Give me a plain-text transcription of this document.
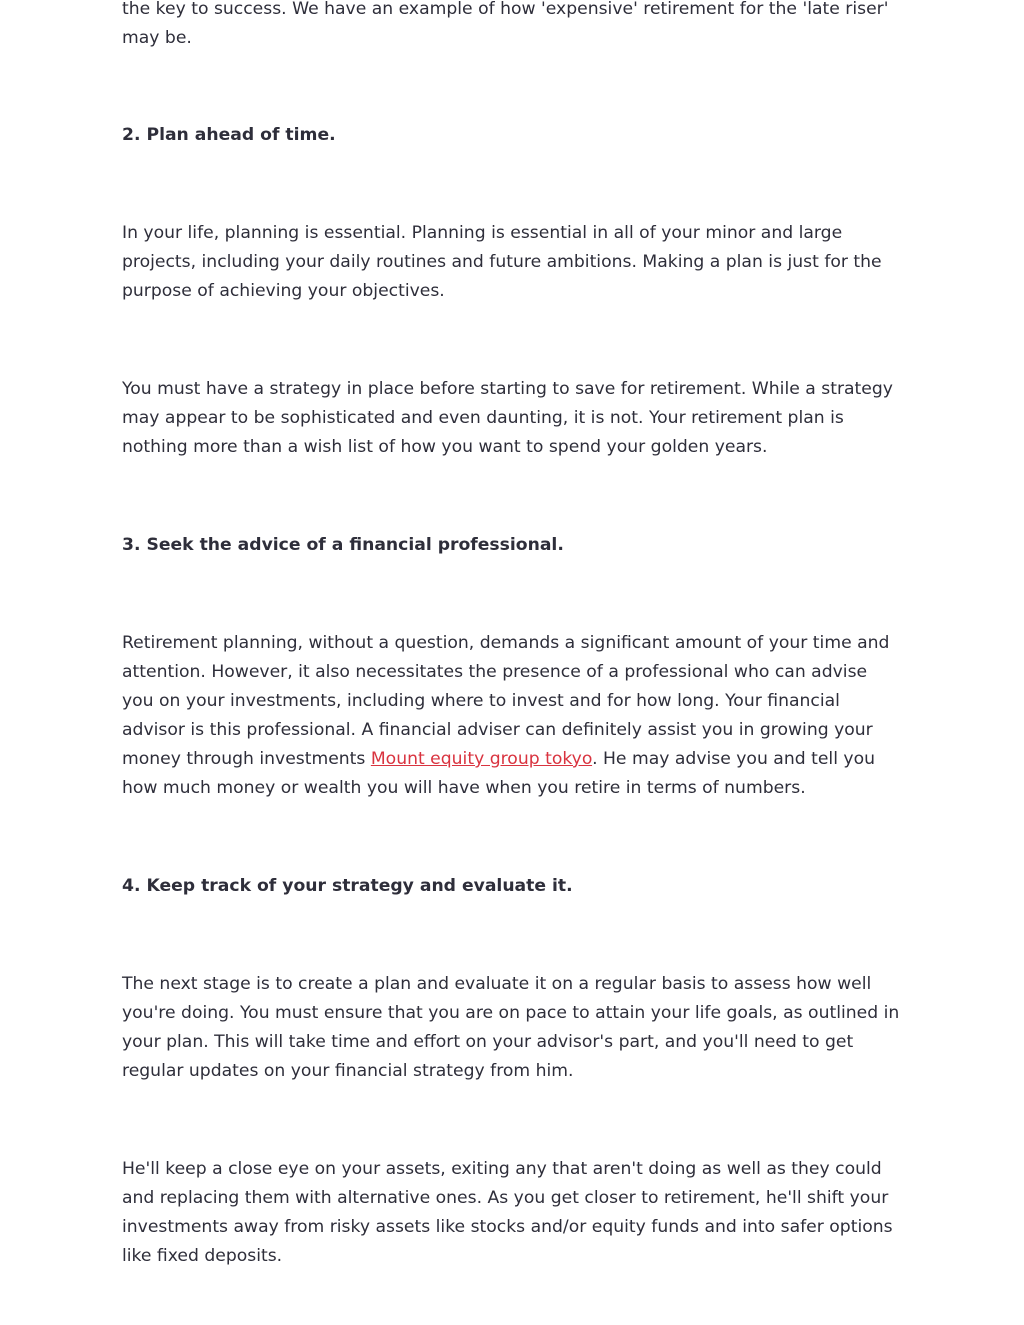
the key to success. We have an example of how 'expensive' retirement for the 'late riser' may be.

2. Plan ahead of time.

In your life, planning is essential. Planning is essential in all of your minor and large projects, including your daily routines and future ambitions. Making a plan is just for the purpose of achieving your objectives.

You must have a strategy in place before starting to save for retirement. While a strategy may appear to be sophisticated and even daunting, it is not. Your retirement plan is nothing more than a wish list of how you want to spend your golden years.

3. Seek the advice of a financial professional.

Retirement planning, without a question, demands a significant amount of your time and attention. However, it also necessitates the presence of a professional who can advise you on your investments, including where to invest and for how long. Your financial advisor is this professional. A financial adviser can definitely assist you in growing your money through investments Mount equity group tokyo. He may advise you and tell you how much money or wealth you will have when you retire in terms of numbers.

4. Keep track of your strategy and evaluate it.

The next stage is to create a plan and evaluate it on a regular basis to assess how well you're doing. You must ensure that you are on pace to attain your life goals, as outlined in your plan. This will take time and effort on your advisor's part, and you'll need to get regular updates on your financial strategy from him.

He'll keep a close eye on your assets, exiting any that aren't doing as well as they could and replacing them with alternative ones. As you get closer to retirement, he'll shift your investments away from risky assets like stocks and/or equity funds and into safer options like fixed deposits.
